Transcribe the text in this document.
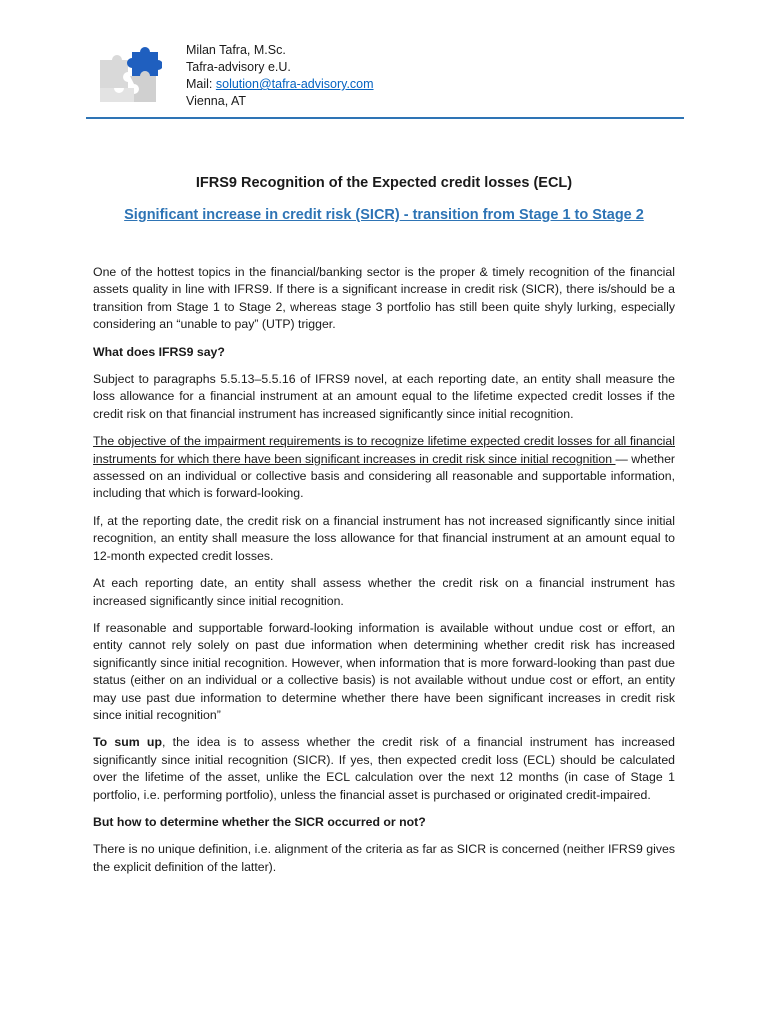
Milan Tafra, M.Sc.
Tafra-advisory e.U.
Mail: solution@tafra-advisory.com
Vienna, AT
IFRS9 Recognition of the Expected credit losses (ECL)
Significant increase in credit risk (SICR) - transition from Stage 1 to Stage 2

One of the hottest topics in the financial/banking sector is the proper & timely recognition of the financial assets quality in line with IFRS9. If there is a significant increase in credit risk (SICR), there is/should be a transition from Stage 1 to Stage 2, whereas stage 3 portfolio has still been quite shyly lurking, especially considering an “unable to pay” (UTP) trigger.

What does IFRS9 say?

Subject to paragraphs 5.5.13–5.5.16 of IFRS9 novel, at each reporting date, an entity shall measure the loss allowance for a financial instrument at an amount equal to the lifetime expected credit losses if the credit risk on that financial instrument has increased significantly since initial recognition.

The objective of the impairment requirements is to recognize lifetime expected credit losses for all financial instruments for which there have been significant increases in credit risk since initial recognition — whether assessed on an individual or collective basis and considering all reasonable and supportable information, including that which is forward-looking.

If, at the reporting date, the credit risk on a financial instrument has not increased significantly since initial recognition, an entity shall measure the loss allowance for that financial instrument at an amount equal to 12-month expected credit losses.

At each reporting date, an entity shall assess whether the credit risk on a financial instrument has increased significantly since initial recognition.

If reasonable and supportable forward-looking information is available without undue cost or effort, an entity cannot rely solely on past due information when determining whether credit risk has increased significantly since initial recognition. However, when information that is more forward-looking than past due status (either on an individual or a collective basis) is not available without undue cost or effort, an entity may use past due information to determine whether there have been significant increases in credit risk since initial recognition”

To sum up, the idea is to assess whether the credit risk of a financial instrument has increased significantly since initial recognition (SICR). If yes, then expected credit loss (ECL) should be calculated over the lifetime of the asset, unlike the ECL calculation over the next 12 months (in case of Stage 1 portfolio, i.e. performing portfolio), unless the financial asset is purchased or originated credit-impaired.

But how to determine whether the SICR occurred or not?

There is no unique definition, i.e. alignment of the criteria as far as SICR is concerned (neither IFRS9 gives the explicit definition of the latter).
